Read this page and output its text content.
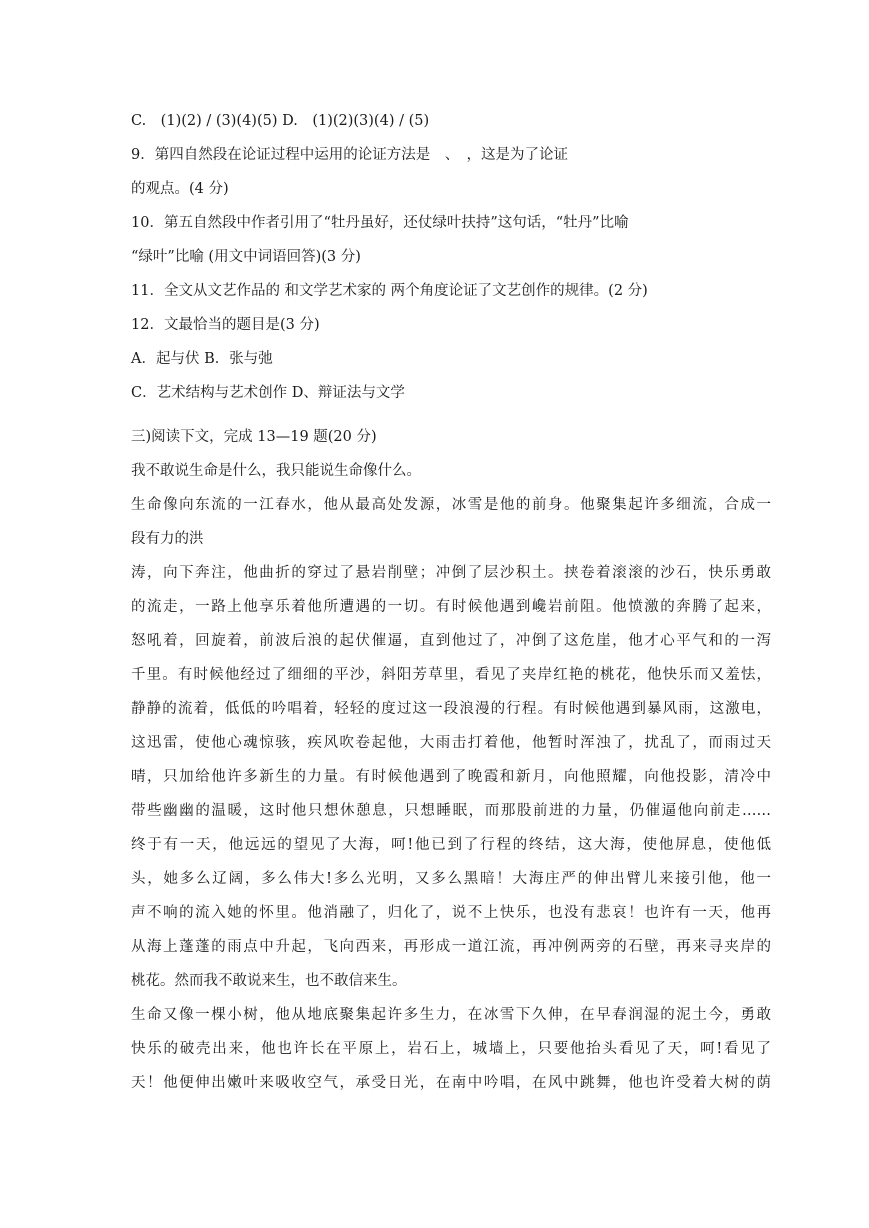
C.　(1)(2) / (3)(4)(5) D.　(1)(2)(3)(4) / (5)
9．第四自然段在论证过程中运用的论证方法是　、　，这是为了论证
的观点。(4 分)
10．第五自然段中作者引用了“牡丹虽好，还仗绿叶扶持”这句话，“牡丹”比喻
“绿叶”比喻 (用文中词语回答)(3 分)
11．全文从文艺作品的 和文学艺术家的 两个角度论证了文艺创作的规律。(2 分)
12．文最恰当的题目是(3 分)
A．起与伏 B．张与弛
C．艺术结构与艺术创作 D、辩证法与文学
三)阅读下文，完成 13—19 题(20 分)
我不敢说生命是什么，我只能说生命像什么。
生命像向东流的一江春水，他从最高处发源，冰雪是他的前身。他聚集起许多细流，合成一
段有力的洪
涛，向下奔注，他曲折的穿过了悬岩削壁；冲倒了层沙积土。挟卷着滚滚的沙石，快乐勇敢
的流走，一路上他享乐着他所遭遇的一切。有时候他遇到巉岩前阻。他愤激的奔腾了起来，
怒吼着，回旋着，前波后浪的起伏催逼，直到他过了，冲倒了这危崖，他才心平气和的一泻
千里。有时候他经过了细细的平沙，斜阳芳草里，看见了夹岸红艳的桃花，他快乐而又羞怯，
静静的流着，低低的吟唱着，轻轻的度过这一段浪漫的行程。有时候他遇到暴风雨，这激电，
这迅雷，使他心魂惊骇，疾风吹卷起他，大雨击打着他，他暂时浑浊了，扰乱了，而雨过天
晴，只加给他许多新生的力量。有时候他遇到了晚霞和新月，向他照耀，向他投影，清冷中
带些幽幽的温暖，这时他只想休憩息，只想睡眠，而那股前进的力量，仍催逼他向前走……
终于有一天，他远远的望见了大海，呵!他已到了行程的终结，这大海，使他屏息，使他低
头，她多么辽阔，多么伟大!多么光明，又多么黑暗！大海庄严的伸出臂儿来接引他，他一
声不响的流入她的怀里。他消融了，归化了，说不上快乐，也没有悲哀！也许有一天，他再
从海上蓬蓬的雨点中升起，飞向西来，再形成一道江流，再冲例两旁的石壁，再来寻夹岸的
桃花。然而我不敢说来生，也不敢信来生。
生命又像一棵小树，他从地底聚集起许多生力，在冰雪下久伸，在早春润湿的泥土今，勇敢
快乐的破壳出来，他也许长在平原上，岩石上，城墙上，只要他抬头看见了天，呵!看见了
天！他便伸出嫩叶来吸收空气，承受日光，在南中吟唱，在风中跳舞，他也许受着大树的荫
